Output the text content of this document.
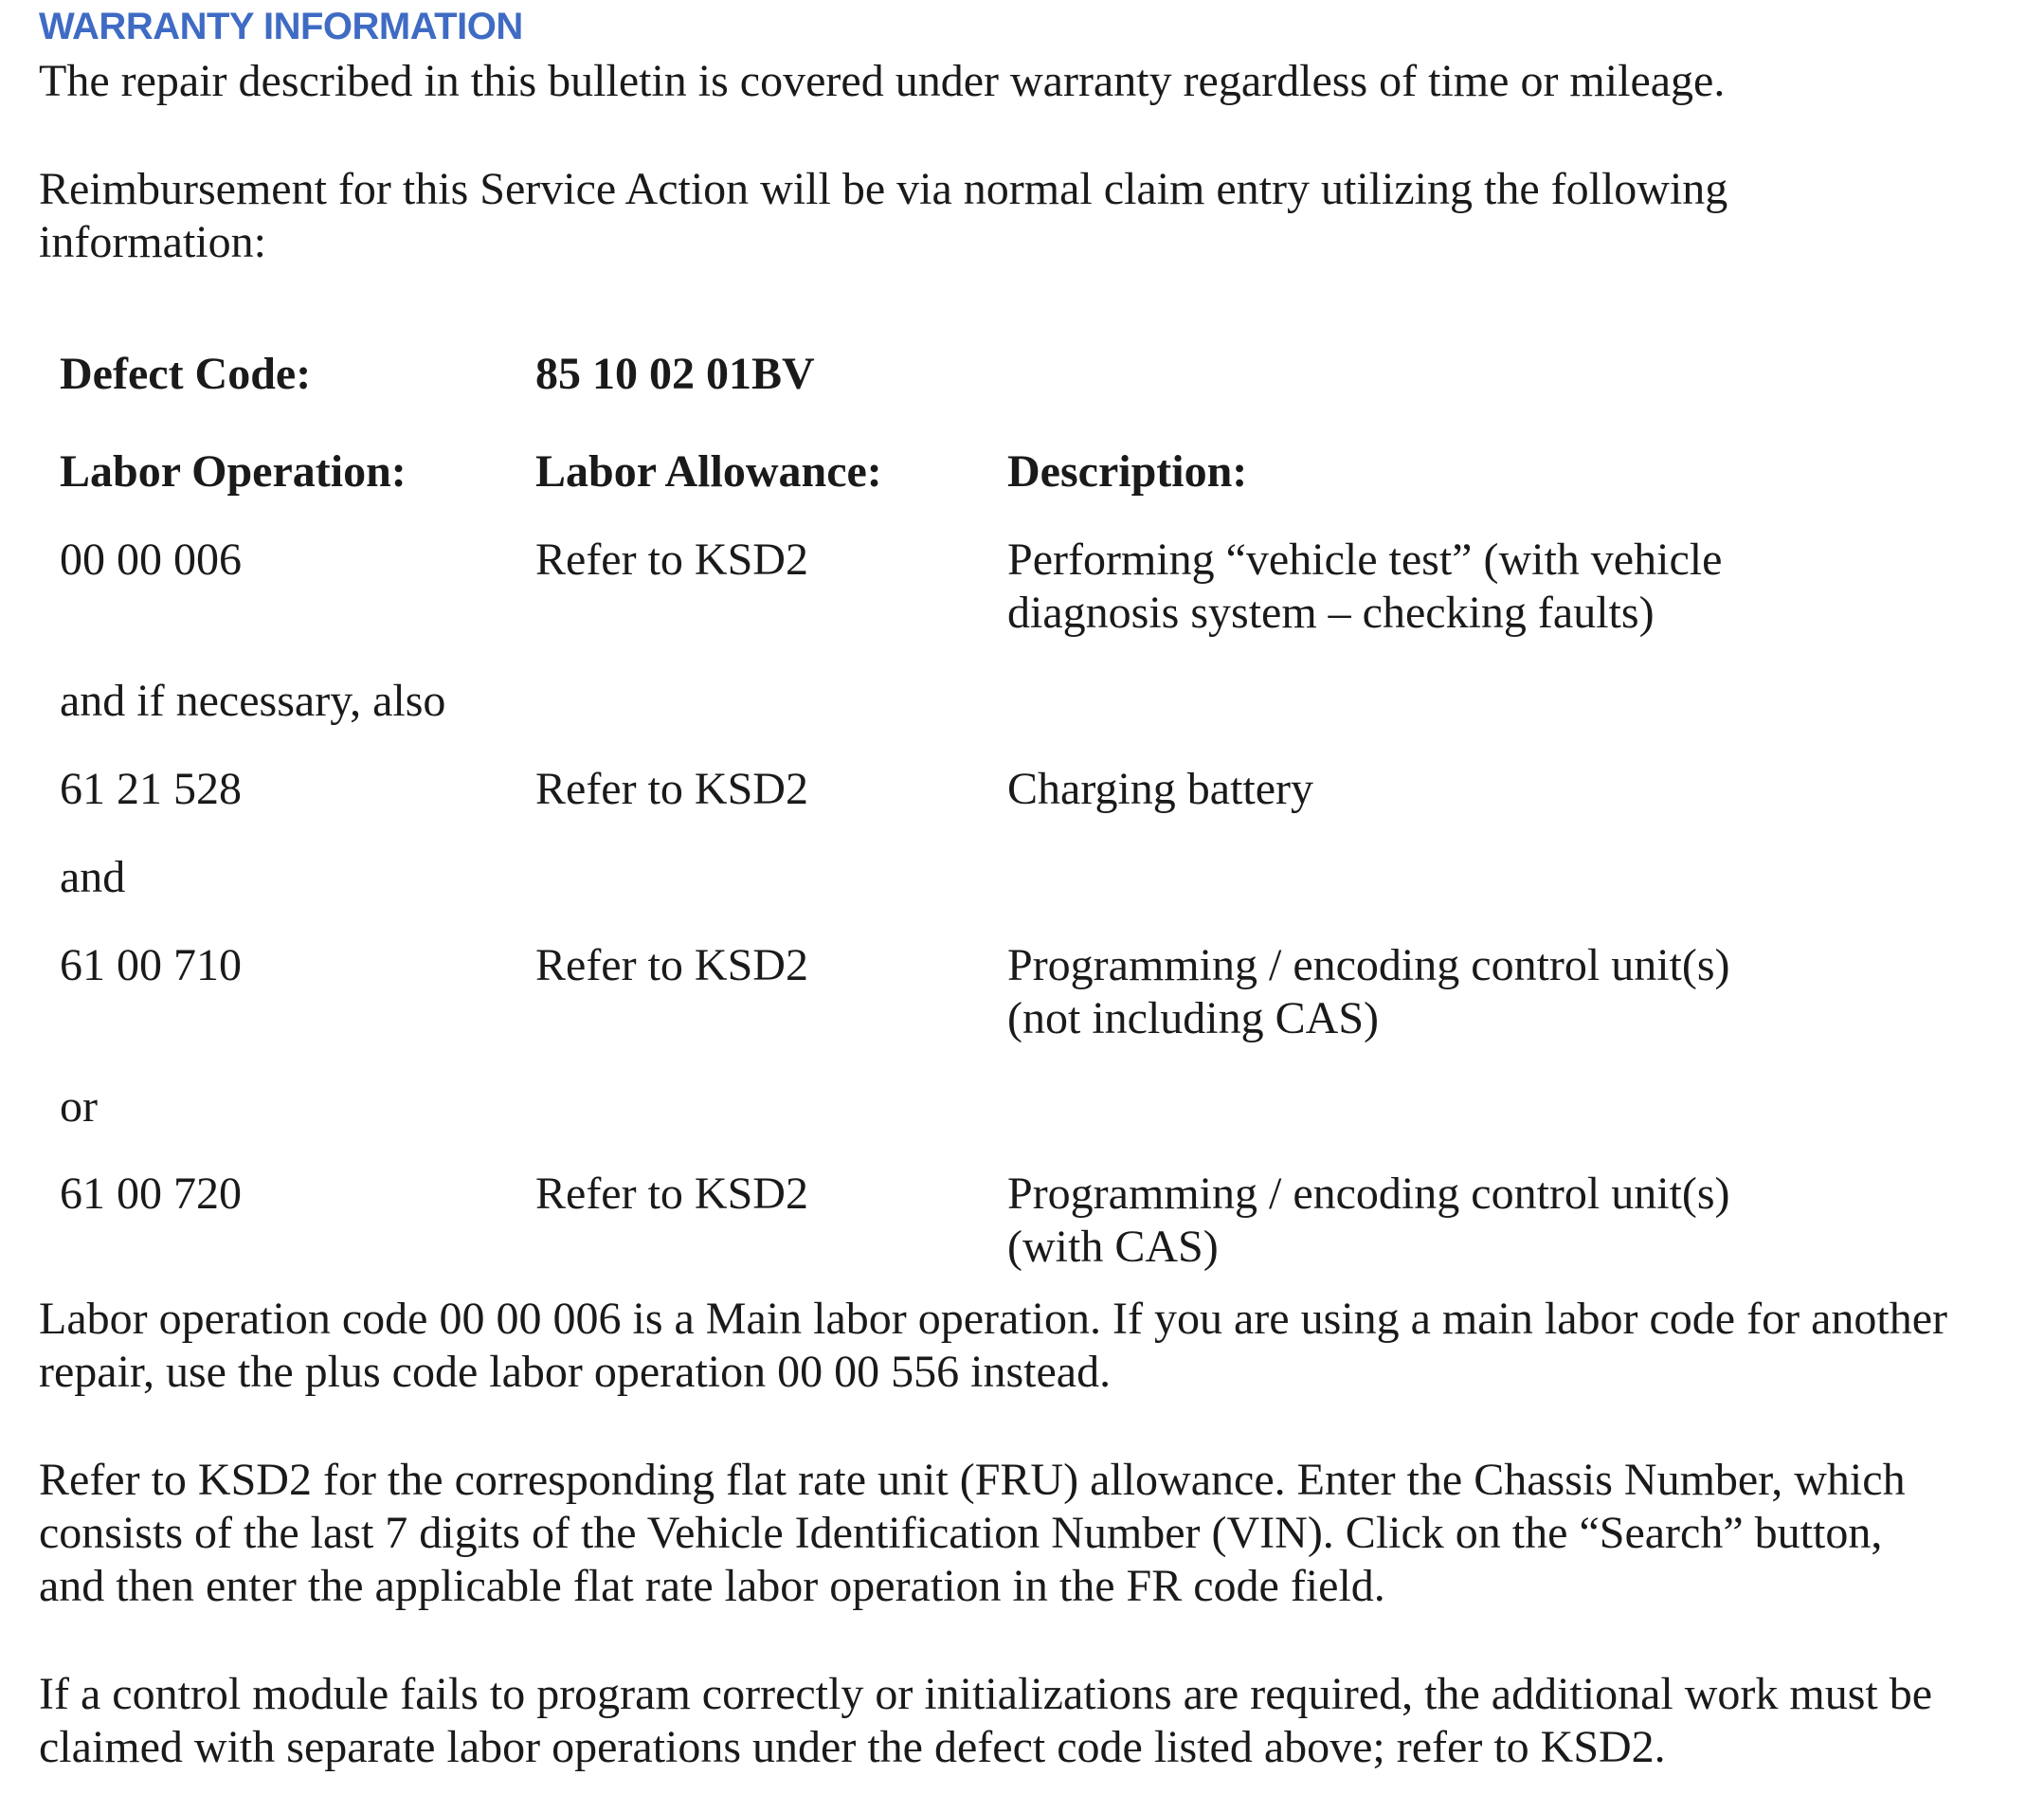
WARRANTY INFORMATION
The repair described in this bulletin is covered under warranty regardless of time or mileage.
Reimbursement for this Service Action will be via normal claim entry utilizing the following
information:
Defect Code:	85 10 02 01BV
Labor Operation:	Labor Allowance:	Description:
00 00 006	Refer to KSD2	Performing “vehicle test” (with vehicle
diagnosis system – checking faults)
and if necessary, also
61 21 528	Refer to KSD2	Charging battery
and
61 00 710	Refer to KSD2	Programming / encoding control unit(s)
(not including CAS)
or
61 00 720	Refer to KSD2	Programming / encoding control unit(s)
(with CAS)
Labor operation code 00 00 006 is a Main labor operation. If you are using a main labor code for another
repair, use the plus code labor operation 00 00 556 instead.
Refer to KSD2 for the corresponding flat rate unit (FRU) allowance. Enter the Chassis Number, which
consists of the last 7 digits of the Vehicle Identification Number (VIN). Click on the “Search” button,
and then enter the applicable flat rate labor operation in the FR code field.
If a control module fails to program correctly or initializations are required, the additional work must be
claimed with separate labor operations under the defect code listed above; refer to KSD2.
